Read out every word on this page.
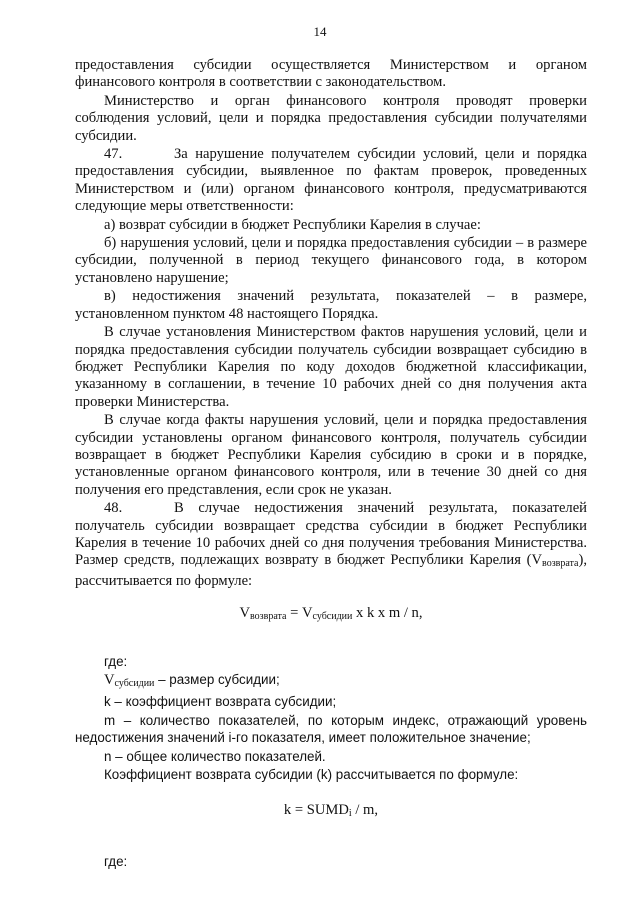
14

предоставления субсидии осуществляется Министерством и органом финансового контроля в соответствии с законодательством.

Министерство и орган финансового контроля проводят проверки соблюдения условий, цели и порядка предоставления субсидии получателями субсидии.

47.	За нарушение получателем субсидии условий, цели и порядка предоставления субсидии, выявленное по фактам проверок, проведенных Министерством и (или) органом финансового контроля, предусматриваются следующие меры ответственности:

а) возврат субсидии в бюджет Республики Карелия в случае:

б) нарушения условий, цели и порядка предоставления субсидии – в размере субсидии, полученной в период текущего финансового года, в котором установлено нарушение;

в) недостижения значений результата, показателей – в размере, установленном пунктом 48 настоящего Порядка.

В случае установления Министерством фактов нарушения условий, цели и порядка предоставления субсидии получатель субсидии возвращает субсидию в бюджет Республики Карелия по коду доходов бюджетной классификации, указанному в соглашении, в течение 10 рабочих дней со дня получения акта проверки Министерства.

В случае когда факты нарушения условий, цели и порядка предоставления субсидии установлены органом финансового контроля, получатель субсидии возвращает в бюджет Республики Карелия субсидию в сроки и в порядке, установленные органом финансового контроля, или в течение 30 дней со дня получения его представления, если срок не указан.

48.	В случае недостижения значений результата, показателей получатель субсидии возвращает средства субсидии в бюджет Республики Карелия в течение 10 рабочих дней со дня получения требования Министерства. Размер средств, подлежащих возврату в бюджет Республики Карелия $(V_{возврата})$, рассчитывается по формуле:

$V_{возврата} = V_{субсидии}$ x k x m / n,

где:

$V_{субсидии}$ – размер субсидии;

k – коэффициент возврата субсидии;

m – количество показателей, по которым индекс, отражающий уровень недостижения значений i-го показателя, имеет положительное значение;

n – общее количество показателей.

Коэффициент возврата субсидии (k) рассчитывается по формуле:

$k = SUMD_i / m$,

где:
